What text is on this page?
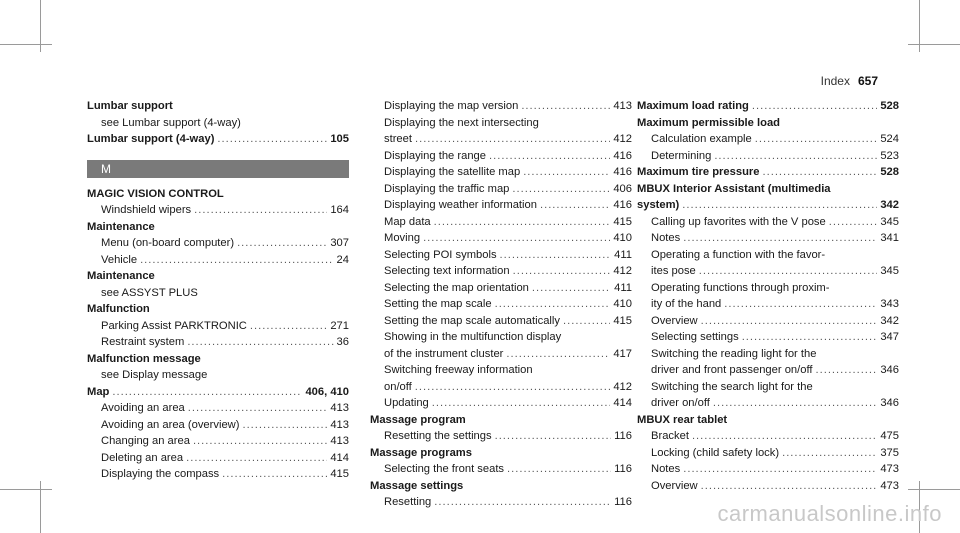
Index 657
Lumbar support
see Lumbar support (4-way)
Lumbar support (4-way) .....	105
M
MAGIC VISION CONTROL
Windshield wipers .....	164
Maintenance
Menu (on-board computer) .....	307
Vehicle .....	24
Maintenance
see ASSYST PLUS
Malfunction
Parking Assist PARKTRONIC .....	271
Restraint system .....	36
Malfunction message
see Display message
Map .....	406, 410
Avoiding an area .....	413
Avoiding an area (overview) .....	413
Changing an area .....	413
Deleting an area .....	414
Displaying the compass .....	415
Displaying the map version .....	413
Displaying the next intersecting
street .....	412
Displaying the range .....	416
Displaying the satellite map .....	416
Displaying the traffic map .....	406
Displaying weather information .....	416
Map data .....	415
Moving .....	410
Selecting POI symbols .....	411
Selecting text information .....	412
Selecting the map orientation .....	411
Setting the map scale .....	410
Setting the map scale automatically .....	415
Showing in the multifunction display
of the instrument cluster .....	417
Switching freeway information
on/off .....	412
Updating .....	414
Massage program
Resetting the settings .....	116
Massage programs
Selecting the front seats .....	116
Massage settings
Resetting .....	116
Maximum load rating .....	528
Maximum permissible load
Calculation example .....	524
Determining .....	523
Maximum tire pressure .....	528
MBUX Interior Assistant (multimedia
system) .....	342
Calling up favorites with the V pose .....	345
Notes .....	341
Operating a function with the favor-
ites pose .....	345
Operating functions through proxim-
ity of the hand .....	343
Overview .....	342
Selecting settings .....	347
Switching the reading light for the
driver and front passenger on/off .....	346
Switching the search light for the
driver on/off .....	346
MBUX rear tablet
Bracket .....	475
Locking (child safety lock) .....	375
Notes .....	473
Overview .....	473
carmanualsonline.info
